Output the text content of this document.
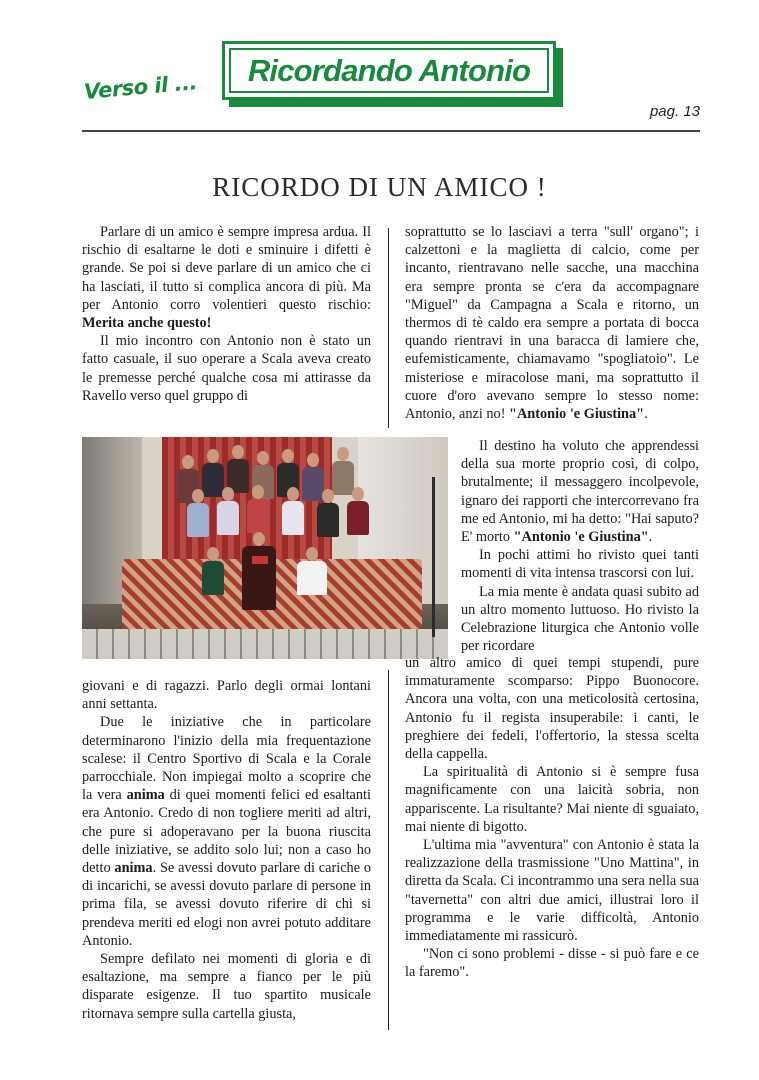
Verso il ... Ricordando Antonio
pag. 13
RICORDO DI UN AMICO !

Parlare di un amico è sempre impresa ardua. Il rischio di esaltarne le doti e sminuire i difetti è grande. Se poi si deve parlare di un amico che ci ha lasciati, il tutto si complica ancora di più. Ma per Antonio corro volentieri questo rischio: Merita anche questo!

Il mio incontro con Antonio non è stato un fatto casuale, il suo operare a Scala aveva creato le premesse perché qualche cosa mi attirasse da Ravello verso quel gruppo di

soprattutto se lo lasciavi a terra "sull' organo"; i calzettoni e la maglietta di calcio, come per incanto, rientravano nelle sacche, una macchina era sempre pronta se c'era da accompagnare "Miguel" da Campagna a Scala e ritorno, un thermos di tè caldo era sempre a portata di bocca quando rientravi in una baracca di lamiere che, eufemisticamente, chiamavamo "spogliatoio". Le misteriose e miracolose mani, ma soprattutto il cuore d'oro avevano sempre lo stesso nome: Antonio, anzi no! "Antonio 'e Giustina".

Il destino ha voluto che apprendessi della sua morte proprio così, di colpo, brutalmente; il messaggero incolpevole, ignaro dei rapporti che intercorrevano fra me ed Antonio, mi ha detto: "Hai saputo? E' morto "Antonio 'e Giustina".

In pochi attimi ho rivisto quei tanti momenti di vita intensa trascorsi con lui.

La mia mente è andata quasi subito ad un altro momento luttuoso. Ho rivisto la Celebrazione liturgica che Antonio volle per ricordare

giovani e di ragazzi. Parlo degli ormai lontani anni settanta.

Due le iniziative che in particolare determinarono l'inizio della mia frequentazione scalese: il Centro Sportivo di Scala e la Corale parrocchiale. Non impiegai molto a scoprire che la vera anima di quei momenti felici ed esaltanti era Antonio. Credo di non togliere meriti ad altri, che pure si adoperavano per la buona riuscita delle iniziative, se addito solo lui; non a caso ho detto anima. Se avessi dovuto parlare di cariche o di incarichi, se avessi dovuto parlare di persone in prima fila, se avessi dovuto riferire di chi si prendeva meriti ed elogi non avrei potuto additare Antonio.

Sempre defilato nei momenti di gloria e di esaltazione, ma sempre a fianco per le più disparate esigenze. Il tuo spartito musicale ritornava sempre sulla cartella giusta,

un altro amico di quei tempi stupendi, pure immaturamente scomparso: Pippo Buonocore. Ancora una volta, con una meticolosità certosina, Antonio fu il regista insuperabile: i canti, le preghiere dei fedeli, l'offertorio, la stessa scelta della cappella.

La spiritualità di Antonio si è sempre fusa magnificamente con una laicità sobria, non appariscente. La risultante? Mai niente di sguaiato, mai niente di bigotto.

L'ultima mia "avventura" con Antonio è stata la realizzazione della trasmissione "Uno Mattina", in diretta da Scala. Ci incontrammo una sera nella sua "tavernetta" con altri due amici, illustrai loro il programma e le varie difficoltà, Antonio immediatamente mi rassicurò.

"Non ci sono problemi - disse - si può fare e ce la faremo".
